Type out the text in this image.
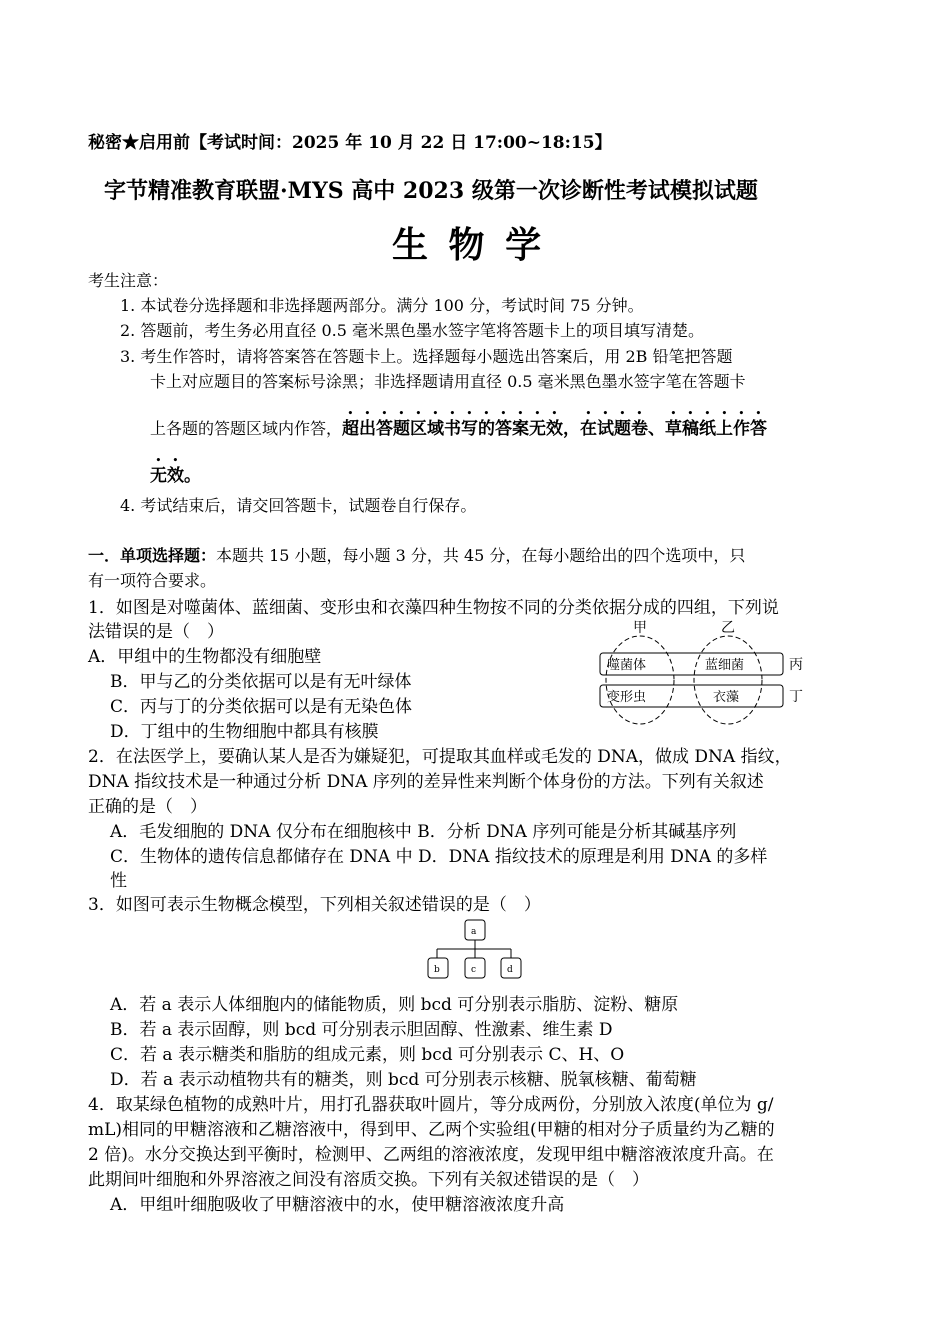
秘密★启用前【考试时间：2025 年 10 月 22 日 17:00~18:15】
字节精准教育联盟·MYS 高中 2023 级第一次诊断性考试模拟试题
生 物 学
考生注意：
1. 本试卷分选择题和非选择题两部分。满分 100 分，考试时间 75 分钟。
2. 答题前，考生务必用直径 0.5 毫米黑色墨水签字笔将答题卡上的项目填写清楚。
3. 考生作答时，请将答案答在答题卡上。选择题每小题选出答案后，用 2B 铅笔把答题
卡上对应题目的答案标号涂黑；非选择题请用直径 0.5 毫米黑色墨水签字笔在答题卡
上各题的答题区域内作答，超出答题区域书写的答案无效，在试题卷、草稿纸上作答
无效。
4. 考试结束后，请交回答题卡，试题卷自行保存。
一．单项选择题：本题共 15 小题，每小题 3 分，共 45 分，在每小题给出的四个选项中，只
有一项符合要求。
1．如图是对噬菌体、蓝细菌、变形虫和衣藻四种生物按不同的分类依据分成的四组，下列说
法错误的是（　）
A．甲组中的生物都没有细胞壁
B．甲与乙的分类依据可以是有无叶绿体
C．丙与丁的分类依据可以是有无染色体
D．丁组中的生物细胞中都具有核膜
甲	乙
噬菌体	蓝细菌
变形虫	衣藻
丙
丁
2．在法医学上，要确认某人是否为嫌疑犯，可提取其血样或毛发的 DNA，做成 DNA 指纹，
DNA 指纹技术是一种通过分析 DNA 序列的差异性来判断个体身份的方法。下列有关叙述
正确的是（　）
A．毛发细胞的 DNA 仅分布在细胞核中 B．分析 DNA 序列可能是分析其碱基序列
C．生物体的遗传信息都储存在 DNA 中 D．DNA 指纹技术的原理是利用 DNA 的多样
性
3．如图可表示生物概念模型，下列相关叙述错误的是（　）
a
b	c	d
A．若 a 表示人体细胞内的储能物质，则 bcd 可分别表示脂肪、淀粉、糖原
B．若 a 表示固醇，则 bcd 可分别表示胆固醇、性激素、维生素 D
C．若 a 表示糖类和脂肪的组成元素，则 bcd 可分别表示 C、H、O
D．若 a 表示动植物共有的糖类，则 bcd 可分别表示核糖、脱氧核糖、葡萄糖
4．取某绿色植物的成熟叶片，用打孔器获取叶圆片，等分成两份，分别放入浓度(单位为 g/
mL)相同的甲糖溶液和乙糖溶液中，得到甲、乙两个实验组(甲糖的相对分子质量约为乙糖的
2 倍)。水分交换达到平衡时，检测甲、乙两组的溶液浓度，发现甲组中糖溶液浓度升高。在
此期间叶细胞和外界溶液之间没有溶质交换。下列有关叙述错误的是（　）
A．甲组叶细胞吸收了甲糖溶液中的水，使甲糖溶液浓度升高
